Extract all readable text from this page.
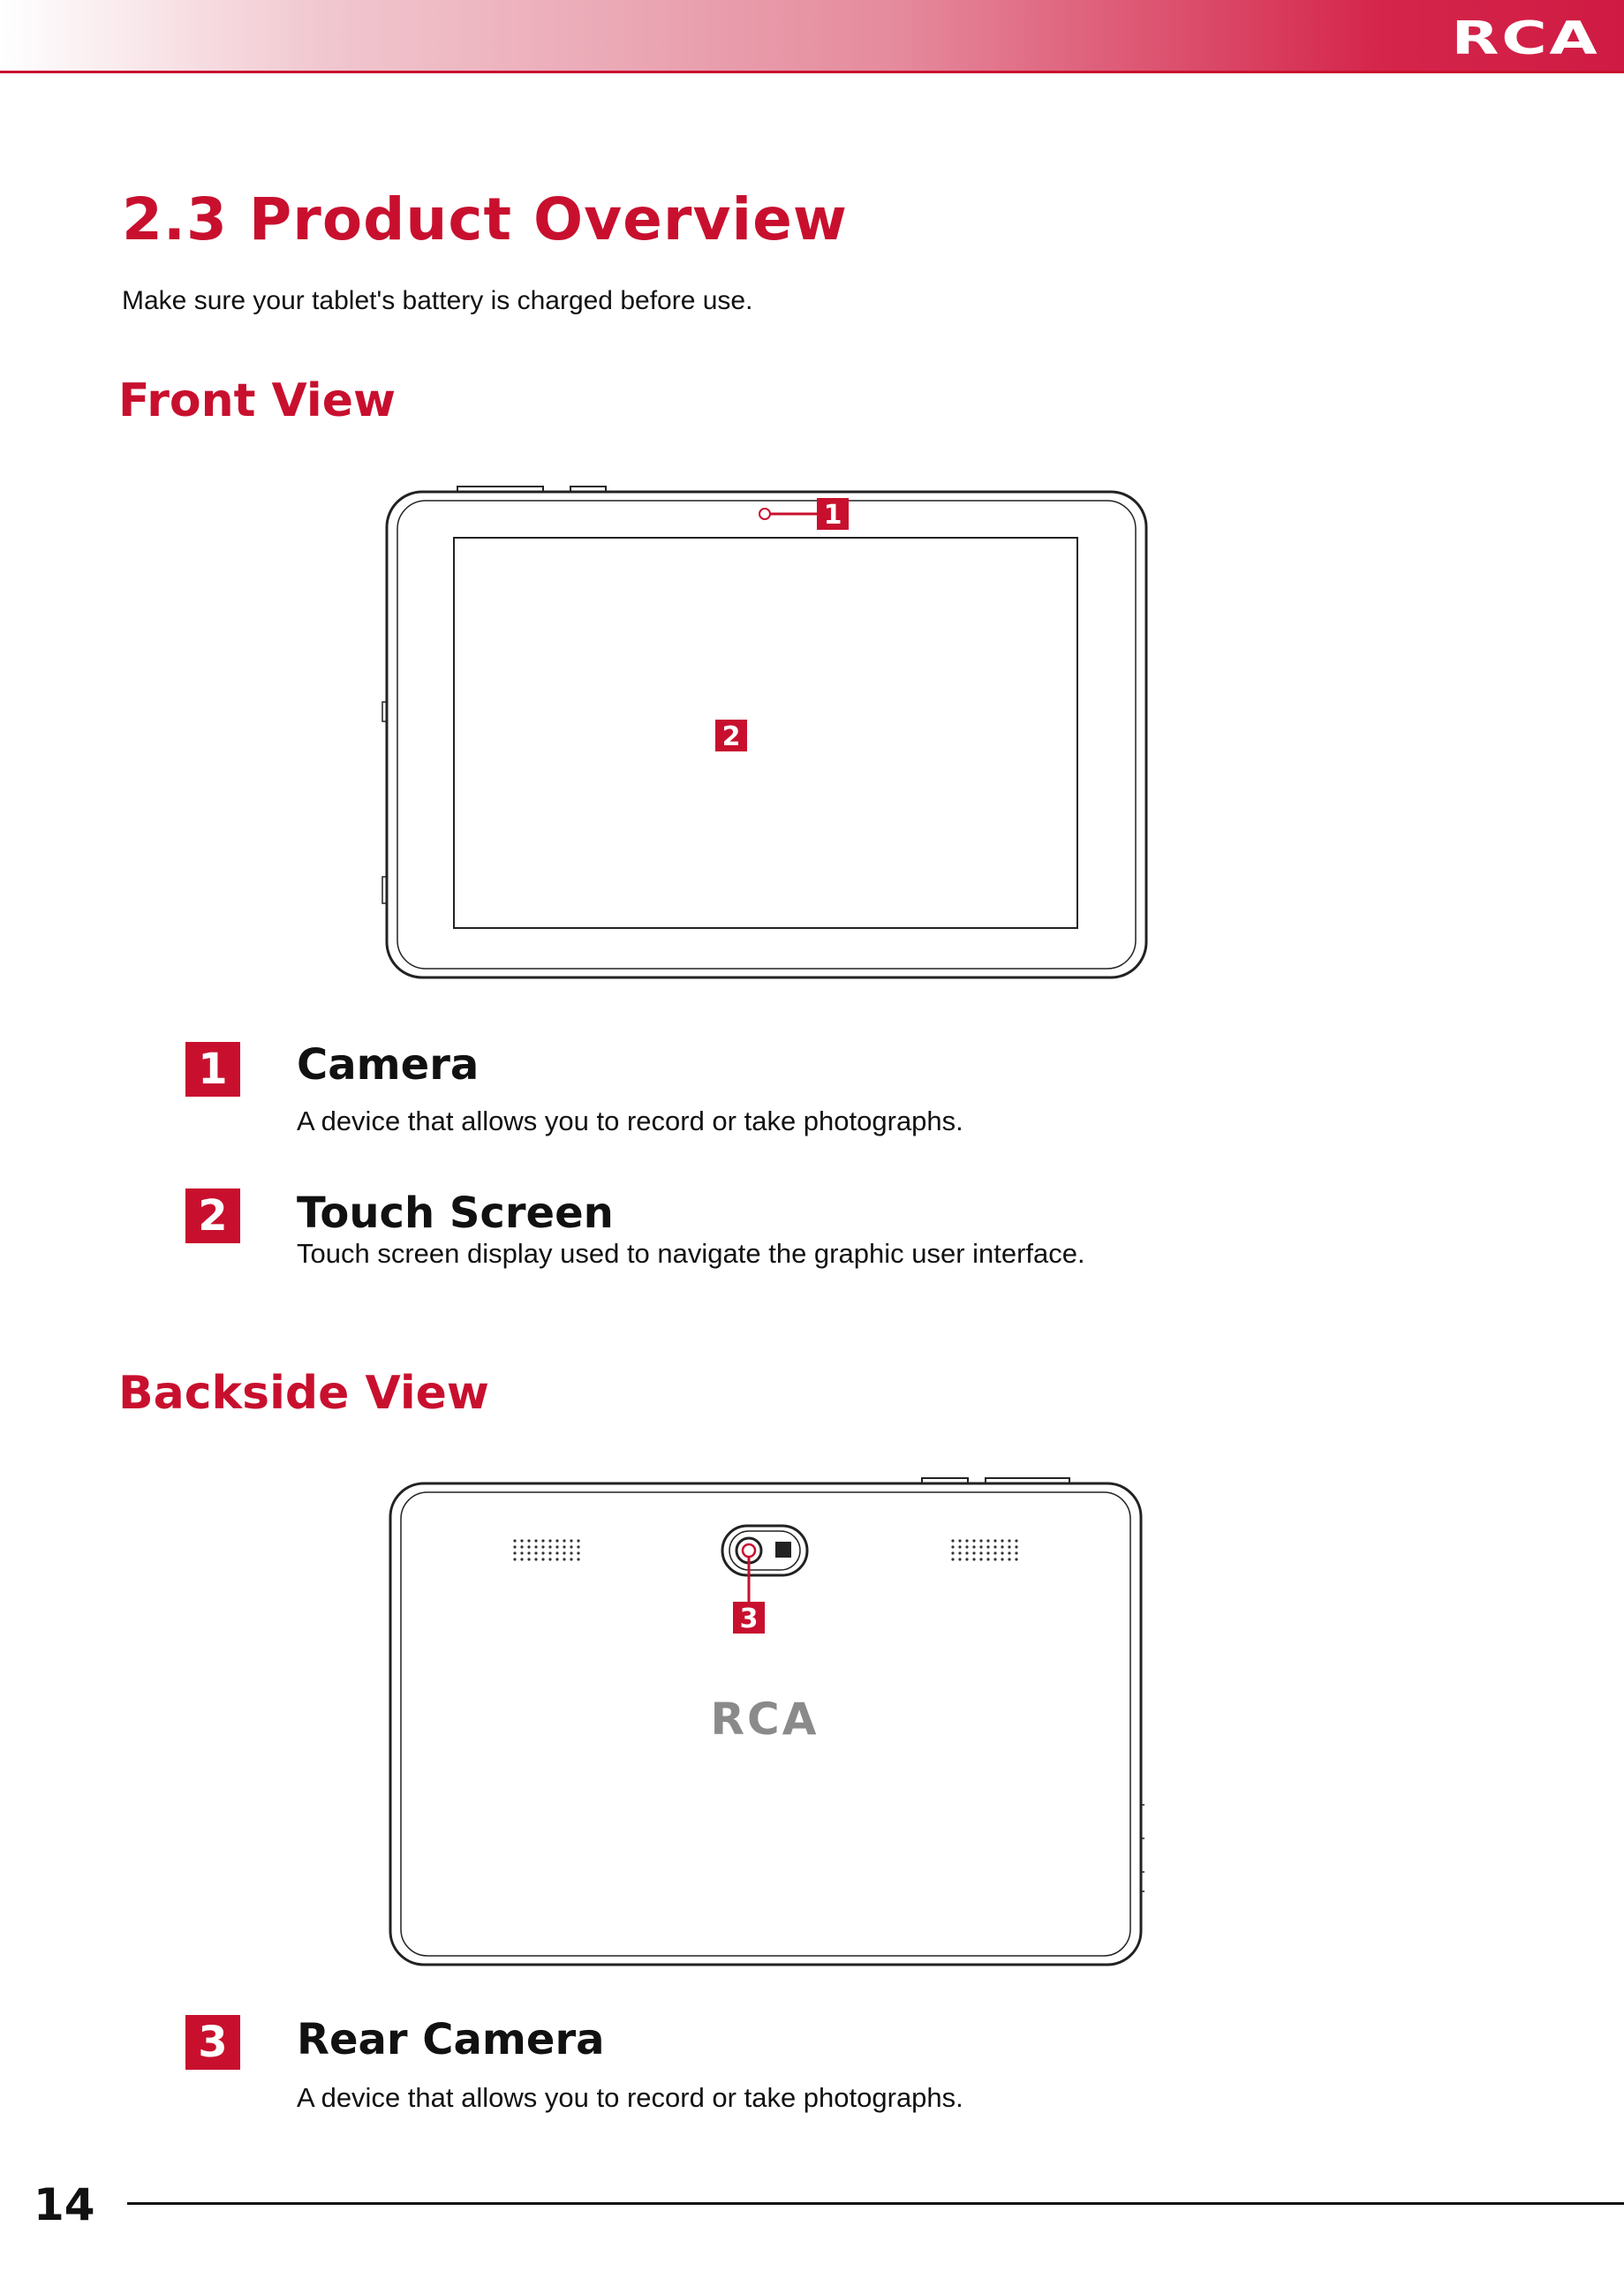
RCA
2.3 Product Overview
Make sure your tablet's battery is charged before use.
Front View
1
2
1 Camera
A device that allows you to record or take photographs.
2 Touch Screen
Touch screen display used to navigate the graphic user interface.
Backside View
3
RCA
3 Rear Camera
A device that allows you to record or take photographs.
14
